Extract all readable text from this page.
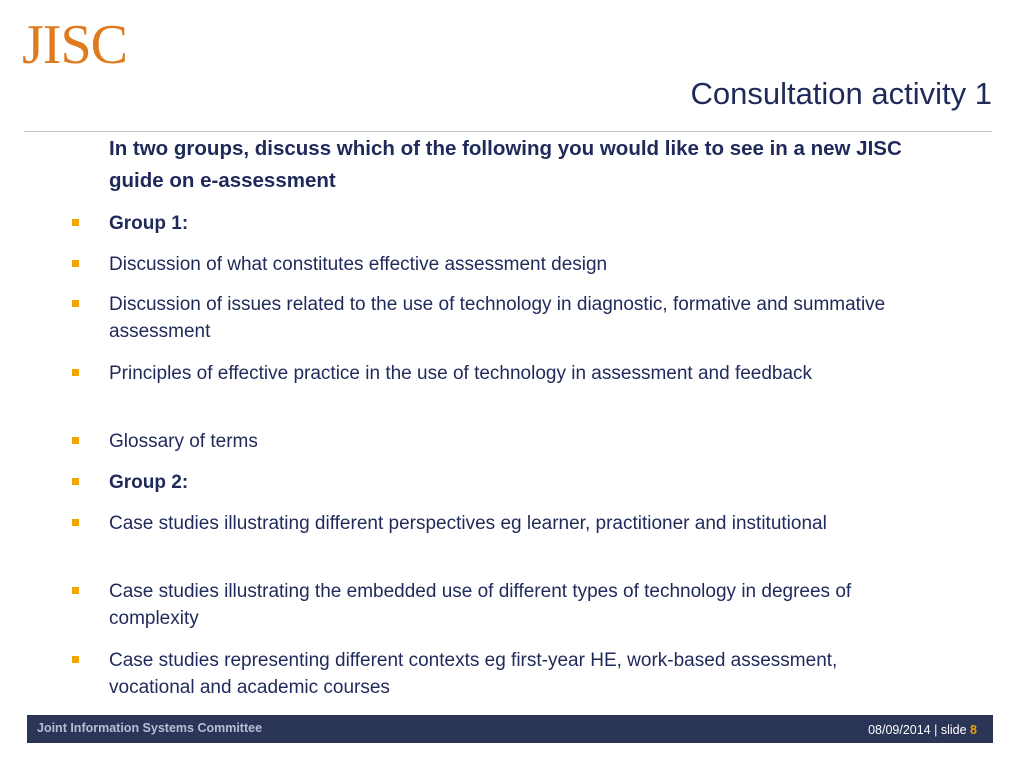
JISC
Consultation activity 1
In two groups, discuss which of the following you would like to see in a new JISC guide on e-assessment
Group 1:
Discussion of what constitutes effective assessment design
Discussion of issues related to the use of technology in diagnostic, formative and summative assessment
Principles of effective practice in the use of technology in assessment and feedback
Glossary of terms
Group 2:
Case studies illustrating different perspectives eg learner, practitioner and institutional
Case studies illustrating the embedded use of different types of technology in degrees of complexity
Case studies representing different contexts eg first-year HE, work-based assessment, vocational and academic courses
Joint Information Systems Committee	08/09/2014 | slide 8
